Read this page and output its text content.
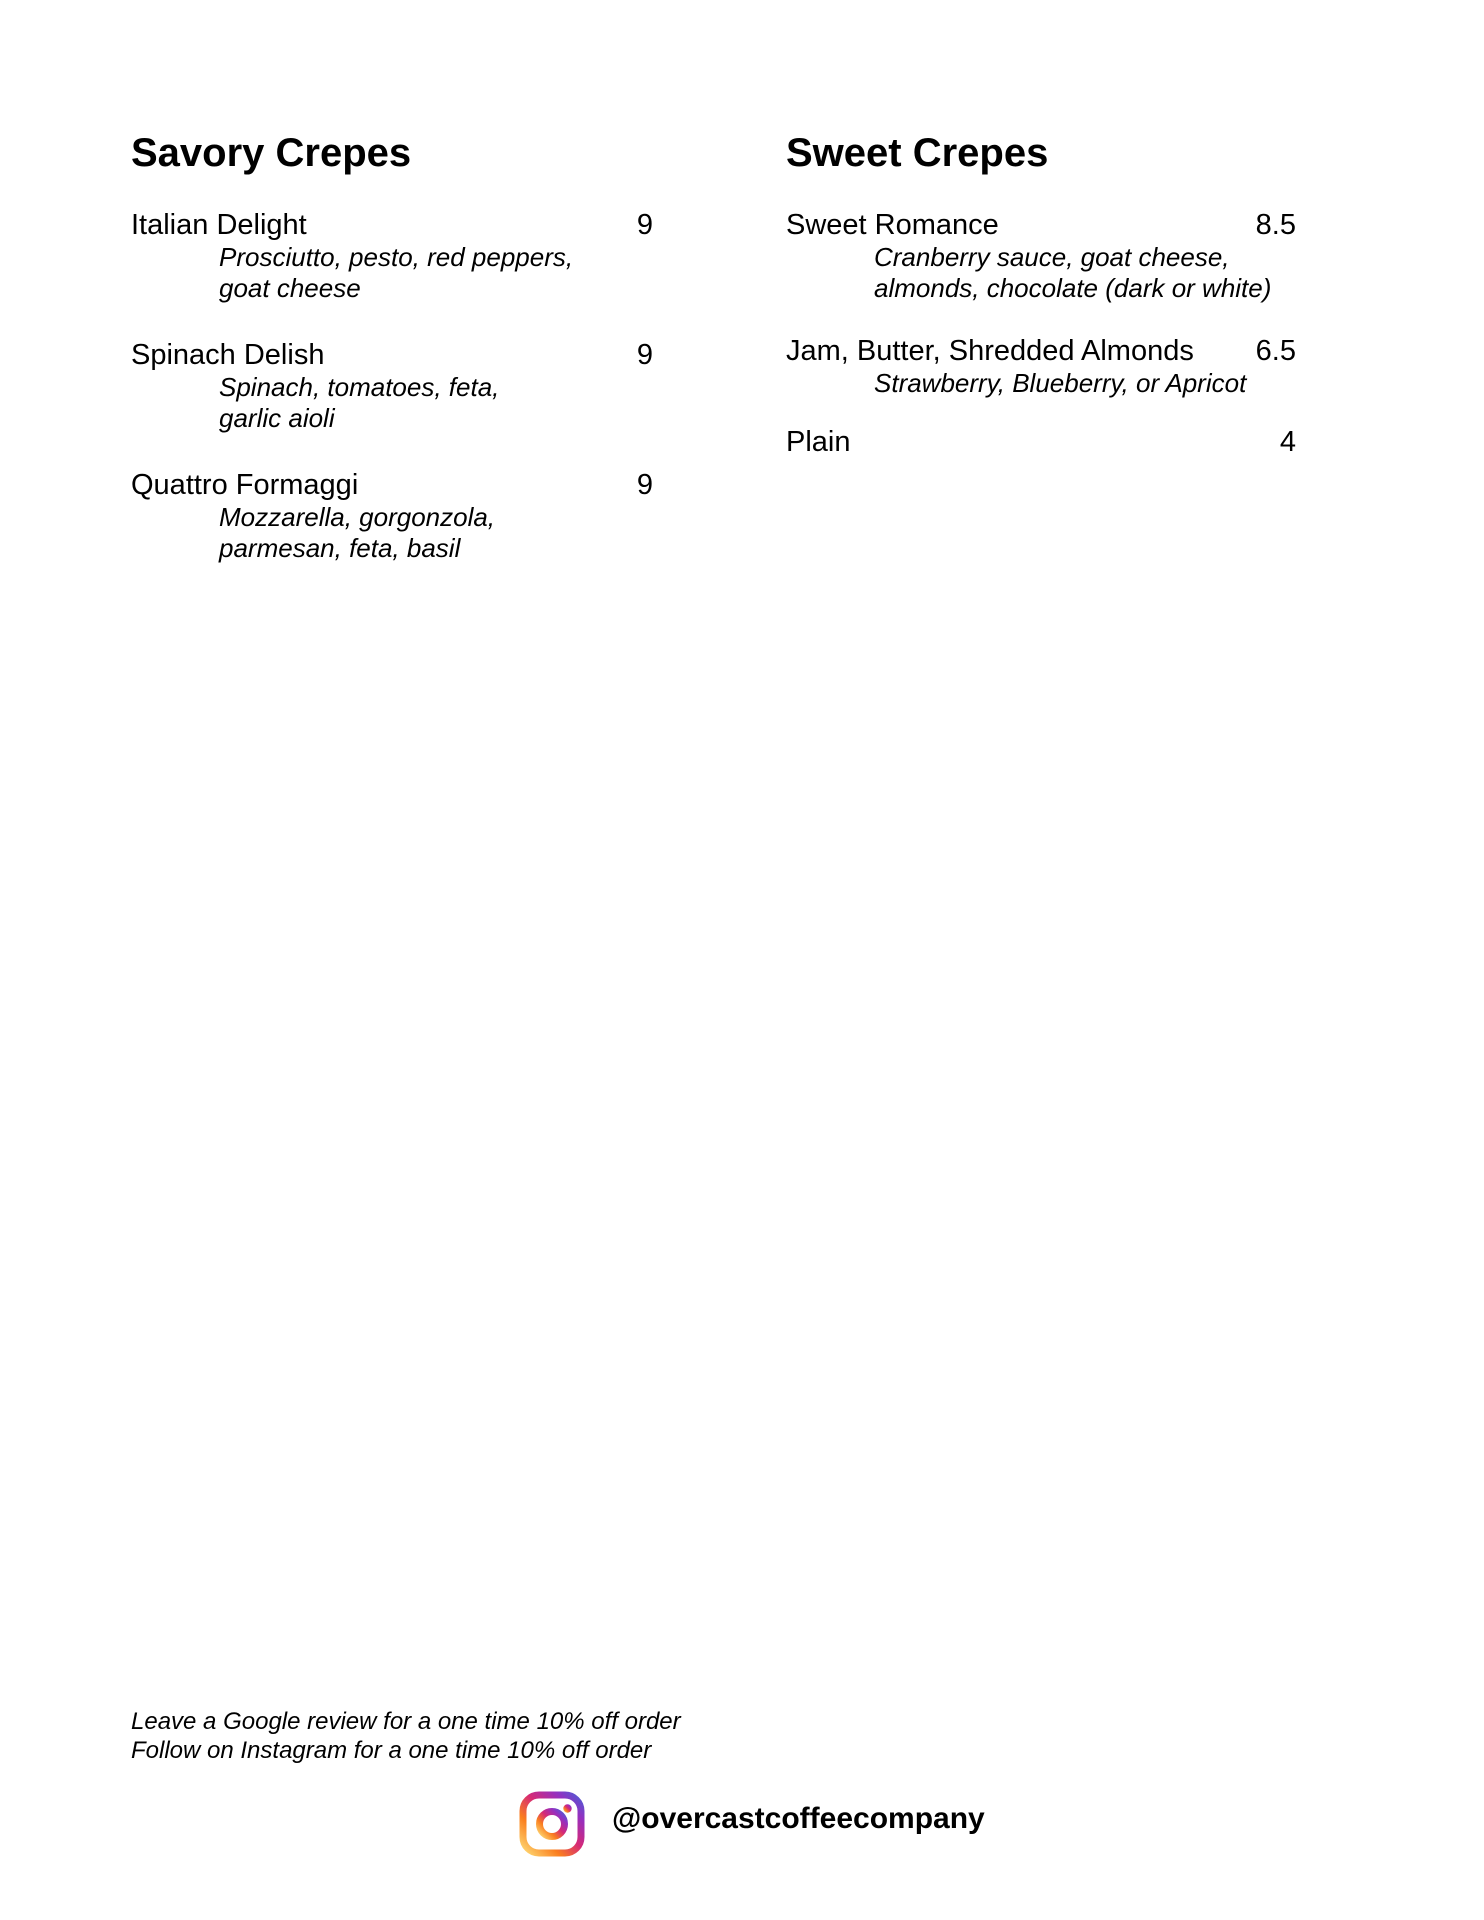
Savory Crepes
Italian Delight	9
Prosciutto, pesto, red peppers,
goat cheese
Spinach Delish	9
Spinach, tomatoes, feta,
garlic aioli
Quattro Formaggi	9
Mozzarella, gorgonzola,
parmesan, feta, basil
Sweet Crepes
Sweet Romance	8.5
Cranberry sauce, goat cheese,
almonds, chocolate (dark or white)
Jam, Butter, Shredded Almonds 6.5
Strawberry, Blueberry, or Apricot
Plain	4
Leave a Google review for a one time 10% off order
Follow on Instagram for a one time 10% off order
@overcastcoffeecompany
